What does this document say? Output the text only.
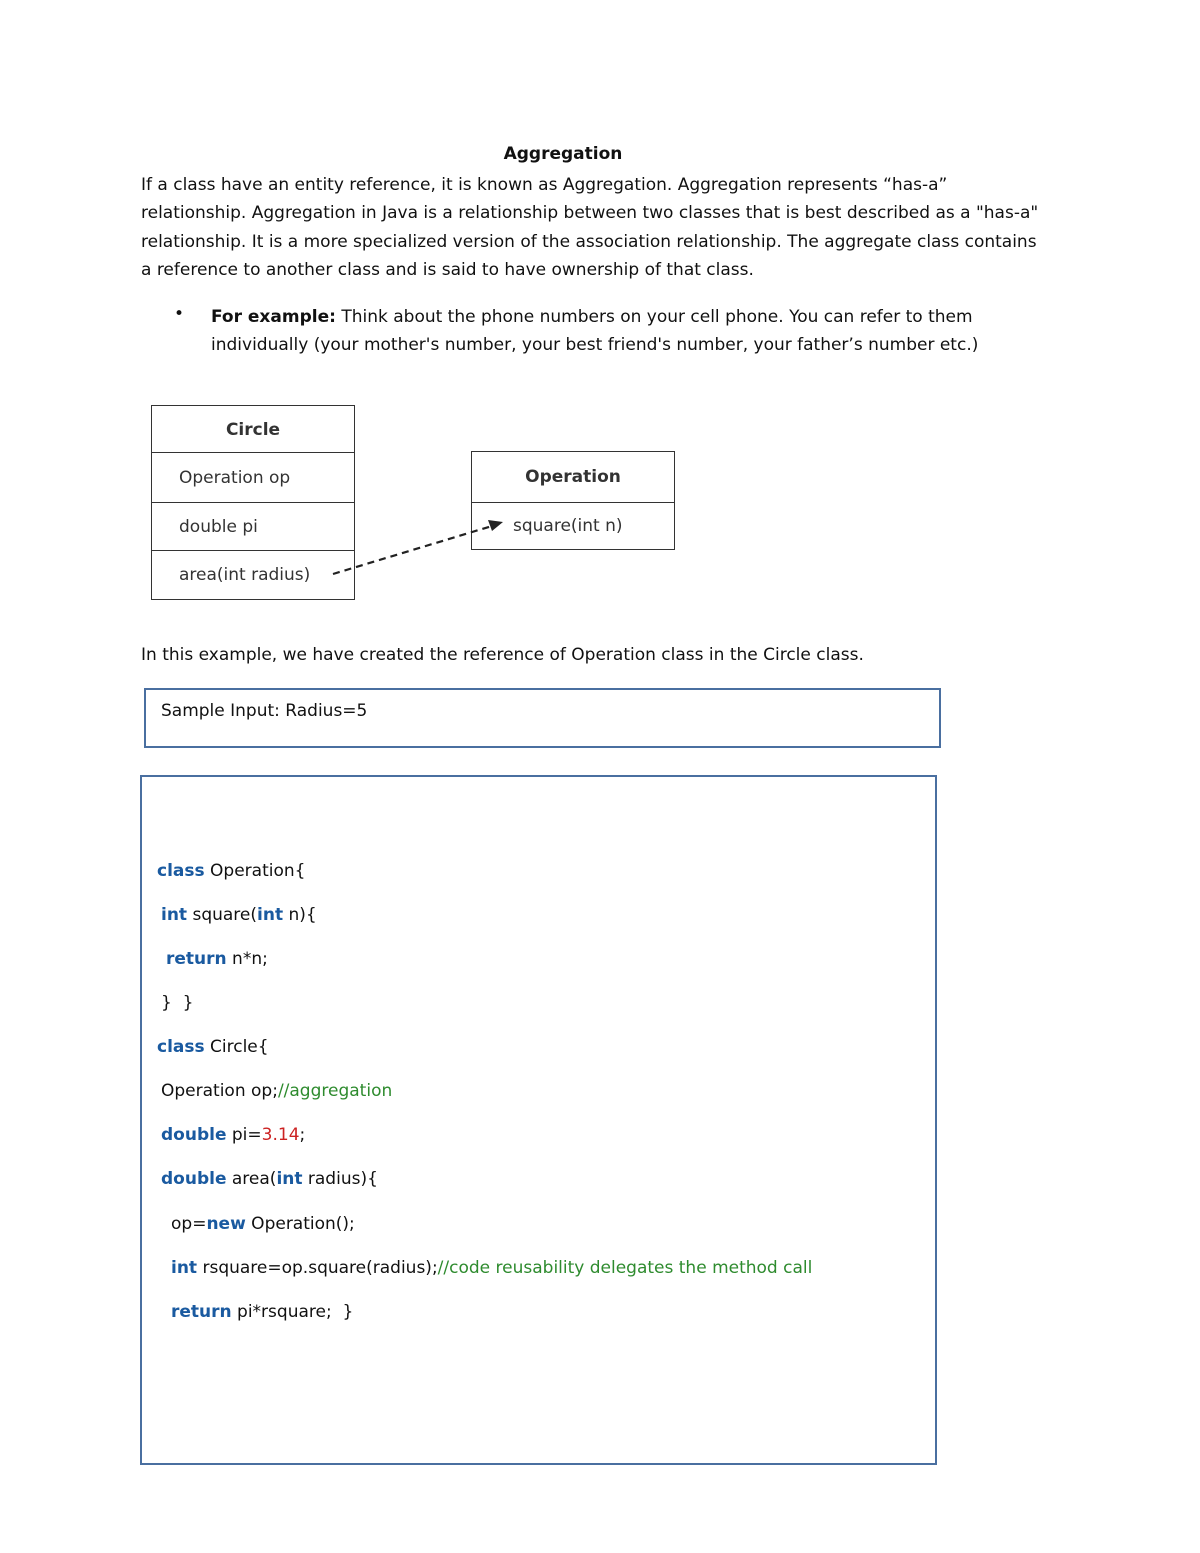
Aggregation
If a class have an entity reference, it is known as Aggregation. Aggregation represents “has-a” relationship. Aggregation in Java is a relationship between two classes that is best described as a "has-a" relationship. It is a more specialized version of the association relationship. The aggregate class contains a reference to another class and is said to have ownership of that class.
• For example: Think about the phone numbers on your cell phone. You can refer to them individually (your mother's number, your best friend's number, your father’s number etc.)
Circle
Operation op
double pi
area(int radius)
Operation
square(int n)
In this example, we have created the reference of Operation class in the Circle class.
Sample Input: Radius=5
class Operation{
int square(int n){
return n*n;
}  }
class Circle{
Operation op;//aggregation
double pi=3.14;
double area(int radius){
op=new Operation();
int rsquare=op.square(radius);//code reusability delegates the method call
return pi*rsquare;  }
